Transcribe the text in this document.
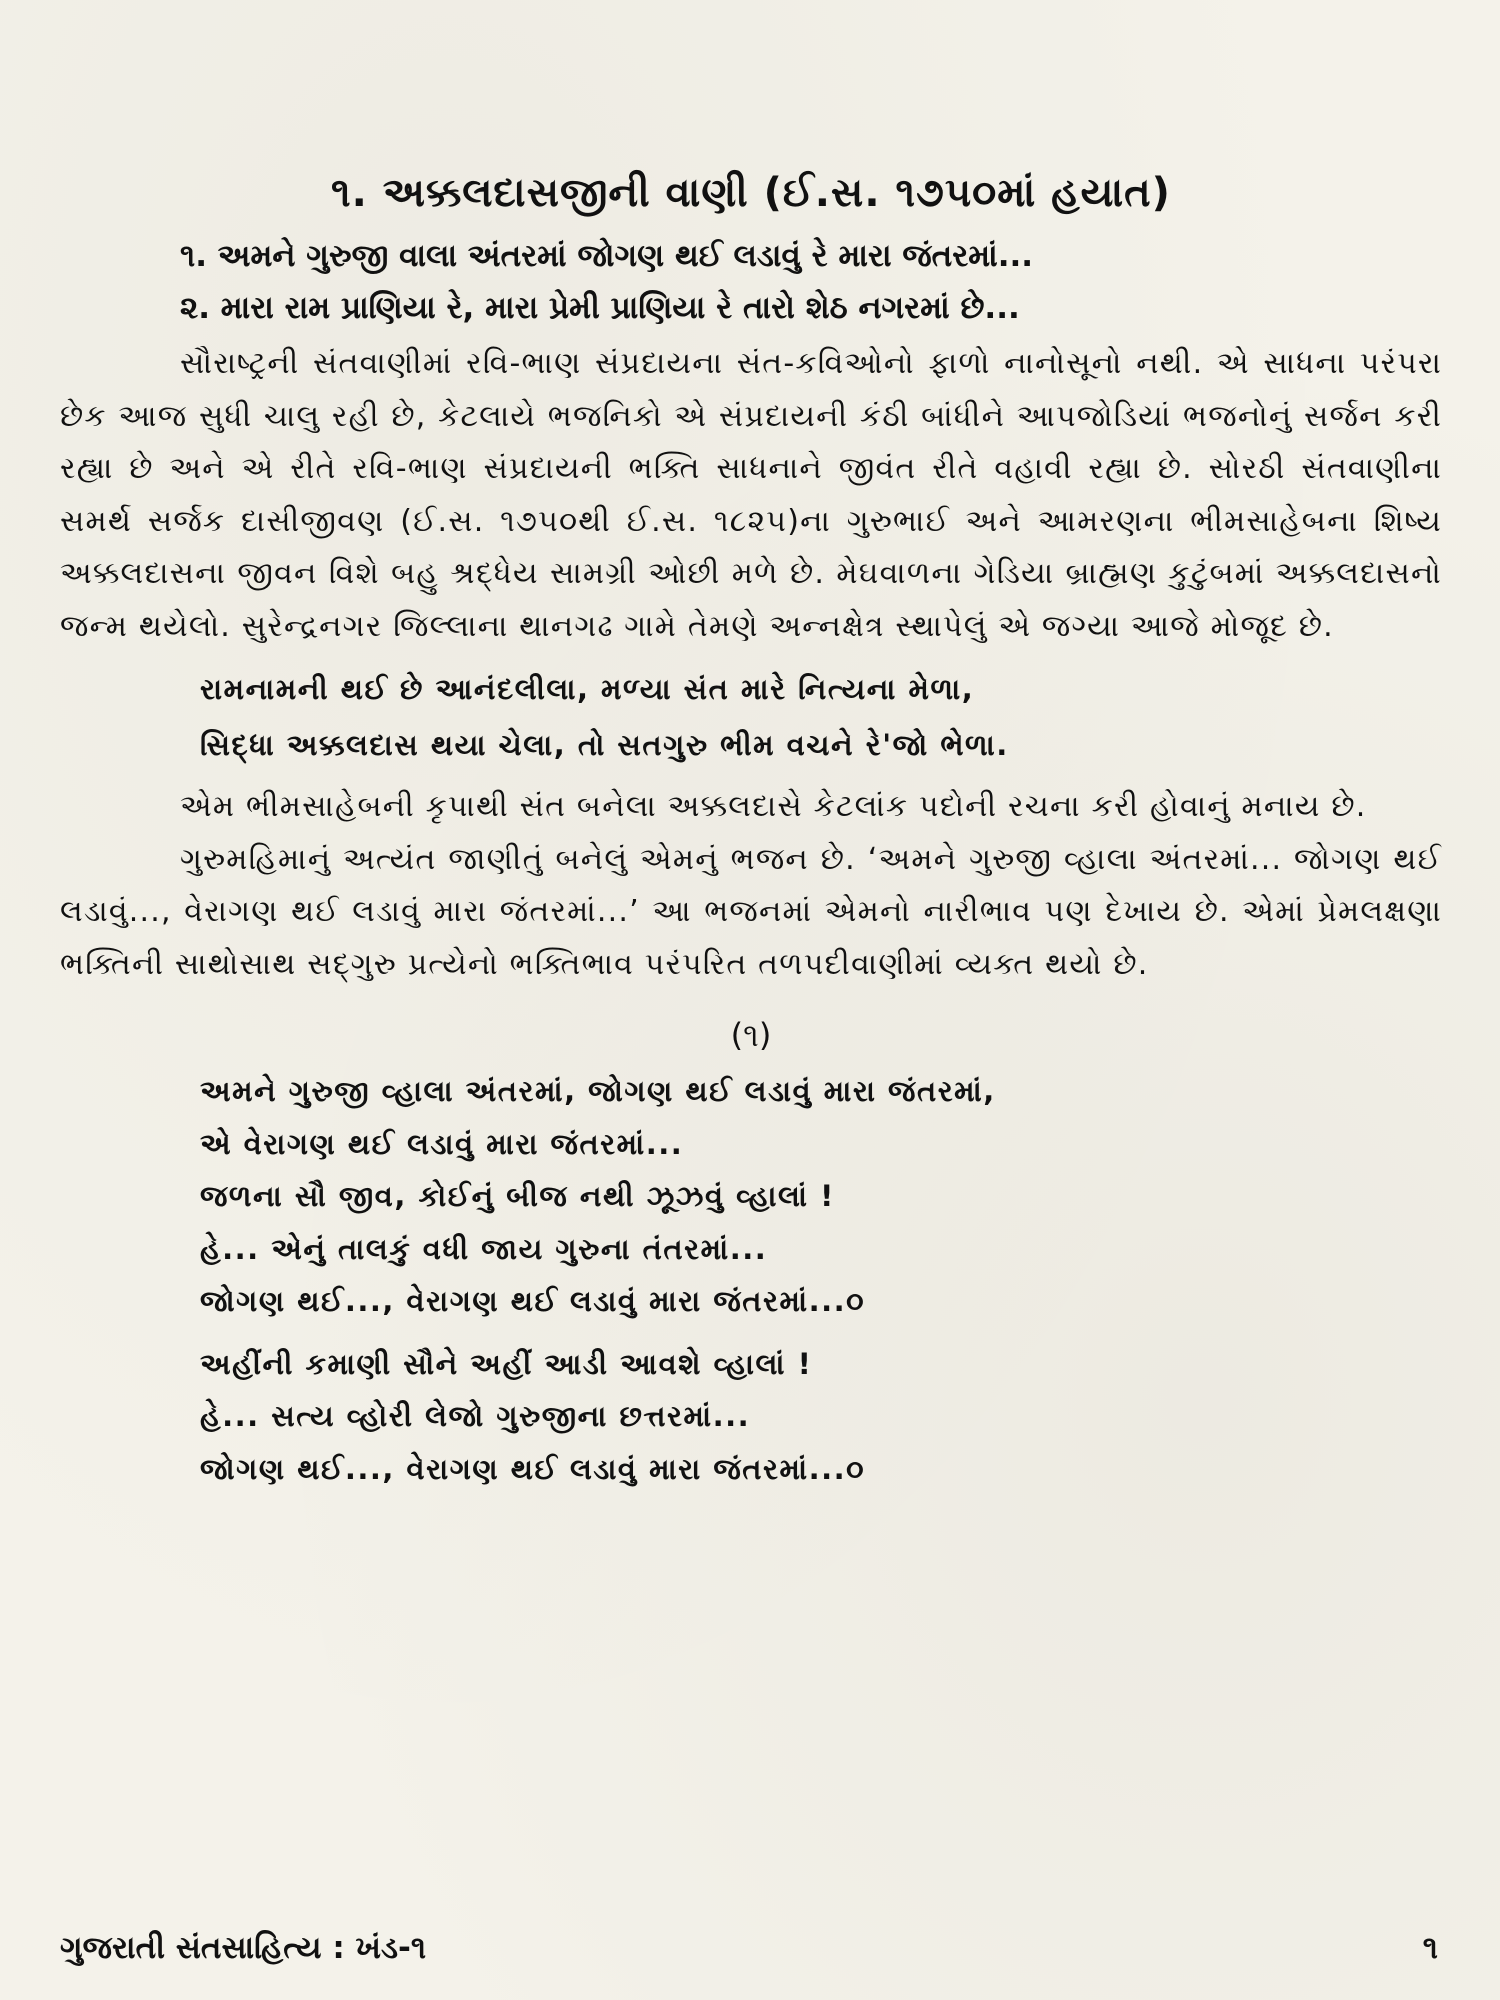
૧. અક્કલદાસજીની વાણી (ઈ.સ. ૧૭૫૦માં હયાત)
૧. અમને ગુરુજી વાલા અંતરમાં જોગણ થઈ લડાવું રે મારા જંતરમાં...
૨. મારા રામ પ્રાણિયા રે, મારા પ્રેમી પ્રાણિયા રે તારો શેઠ નગરમાં છે...

સૌરાષ્ટ્રની સંતવાણીમાં રવિ-ભાણ સંપ્રદાયના સંત-કવિઓનો ફાળો નાનોસૂનો નથી. એ સાધના પરંપરા છેક આજ સુધી ચાલુ રહી છે, કેટલાયે ભજનિકો એ સંપ્રદાયની કંઠી બાંધીને આપજોડિયાં ભજનોનું સર્જન કરી રહ્યા છે અને એ રીતે રવિ-ભાણ સંપ્રદાયની ભક્તિ સાધનાને જીવંત રીતે વહાવી રહ્યા છે. સોરઠી સંતવાણીના સમર્થ સર્જક દાસીજીવણ (ઈ.સ. ૧૭૫૦થી ઈ.સ. ૧૮૨૫)ના ગુરુભાઈ અને આમરણના ભીમસાહેબના શિષ્ય અક્કલદાસના જીવન વિશે બહુ શ્રદ્ધેય સામગ્રી ઓછી મળે છે. મેઘવાળના ગેડિયા બ્રાહ્મણ કુટુંબમાં અક્કલદાસનો જન્મ થયેલો. સુરેન્દ્રનગર જિલ્લાના થાનગઢ ગામે તેમણે અન્નક્ષેત્ર સ્થાપેલું એ જગ્યા આજે મોજૂદ છે.

રામનામની થઈ છે આનંદલીલા, મળ્યા સંત મારે નિત્યના મેળા,
સિદ્ધા અક્કલદાસ થયા ચેલા, તો સતગુરુ ભીમ વચને રે'જો ભેળા.

એમ ભીમસાહેબની કૃપાથી સંત બનેલા અક્કલદાસે કેટલાંક પદોની રચના કરી હોવાનું મનાય છે.

ગુરુમહિમાનું અત્યંત જાણીતું બનેલું એમનું ભજન છે. ‘અમને ગુરુજી વ્હાલા અંતરમાં... જોગણ થઈ લડાવું..., વેરાગણ થઈ લડાવું મારા જંતરમાં...’ આ ભજનમાં એમનો નારીભાવ પણ દેખાય છે. એમાં પ્રેમલક્ષણા ભક્તિની સાથોસાથ સદ્ગુરુ પ્રત્યેનો ભક્તિભાવ પરંપરિત તળપદીવાણીમાં વ્યક્ત થયો છે.

(૧)
અમને ગુરુજી વ્હાલા અંતરમાં, જોગણ થઈ લડાવું મારા જંતરમાં,
એ વેરાગણ થઈ લડાવું મારા જંતરમાં...
જળના સૌ જીવ, કોઈનું બીજ નથી ઝૂઝવું વ્હાલાં !
હે... એનું તાલકું વધી જાય ગુરુના તંતરમાં...
જોગણ થઈ..., વેરાગણ થઈ લડાવું મારા જંતરમાં...૦
અહીંની કમાણી સૌને અહીં આડી આવશે વ્હાલાં !
હે... સત્ય વ્હોરી લેજો ગુરુજીના છત્તરમાં...
જોગણ થઈ..., વેરાગણ થઈ લડાવું મારા જંતરમાં...૦
ગુજરાતી સંતસાહિત્ય : ખંડ-૧	૧
